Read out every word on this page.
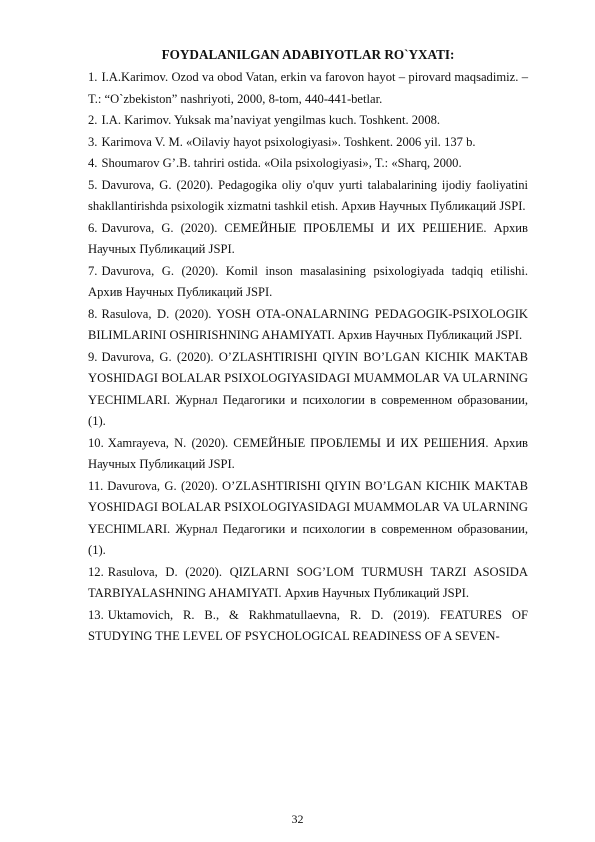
FOYDALANILGAN ADABIYOTLAR RO`YXATI:
1. I.A.Karimov. Ozod va obod Vatan, erkin va farovon hayot – pirovard maqsadimiz. – T.: “O`zbekiston” nashriyoti, 2000, 8-tom, 440-441-betlar.
2. I.A. Karimov. Yuksak ma’naviyat yengilmas kuch. Toshkent. 2008.
3. Karimova V. M. «Oilaviy hayot psixologiyasi». Toshkent. 2006 yil. 137 b.
4. Shoumarov G’.B. tahriri ostida. «Oila psixologiyasi», T.: «Sharq, 2000.
5. Davurova, G. (2020). Pedagogika oliy o'quv yurti talabalarining ijodiy faoliyatini shakllantirishda psixologik xizmatni tashkil etish. Архив Научных Публикаций JSPI.
6. Davurova, G. (2020). СЕМЕЙНЫЕ ПРОБЛЕМЫ И ИХ РЕШЕНИЕ. Архив Научных Публикаций JSPI.
7. Davurova, G. (2020). Komil inson masalasining psixologiyada tadqiq etilishi. Архив Научных Публикаций JSPI.
8. Rasulova, D. (2020). YOSH OTA-ONALARNING PEDAGOGIK-PSIXOLOGIK BILIMLARINI OSHIRISHNING AHAMIYATI. Архив Научных Публикаций JSPI.
9. Davurova, G. (2020). O’ZLASHTIRISHI QIYIN BO’LGAN KICHIK MAKTAB YOSHIDAGI BOLALAR PSIXOLOGIYASIDAGI MUAMMOLAR VA ULARNING YECHIMLARI. Журнал Педагогики и психологии в современном образовании, (1).
10. Xamrayeva, N. (2020). СЕМЕЙНЫЕ ПРОБЛЕМЫ И ИХ РЕШЕНИЯ. Архив Научных Публикаций JSPI.
11. Davurova, G. (2020). O’ZLASHTIRISHI QIYIN BO’LGAN KICHIK MAKTAB YOSHIDAGI BOLALAR PSIXOLOGIYASIDAGI MUAMMOLAR VA ULARNING YECHIMLARI. Журнал Педагогики и психологии в современном образовании, (1).
12. Rasulova, D. (2020). QIZLARNI SOG’LOM TURMUSH TARZI ASOSIDA TARBIYALASHNING AHAMIYATI. Архив Научных Публикаций JSPI.
13. Uktamovich, R. B., & Rakhmatullaevna, R. D. (2019). FEATURES OF STUDYING THE LEVEL OF PSYCHOLOGICAL READINESS OF A SEVEN-
32
